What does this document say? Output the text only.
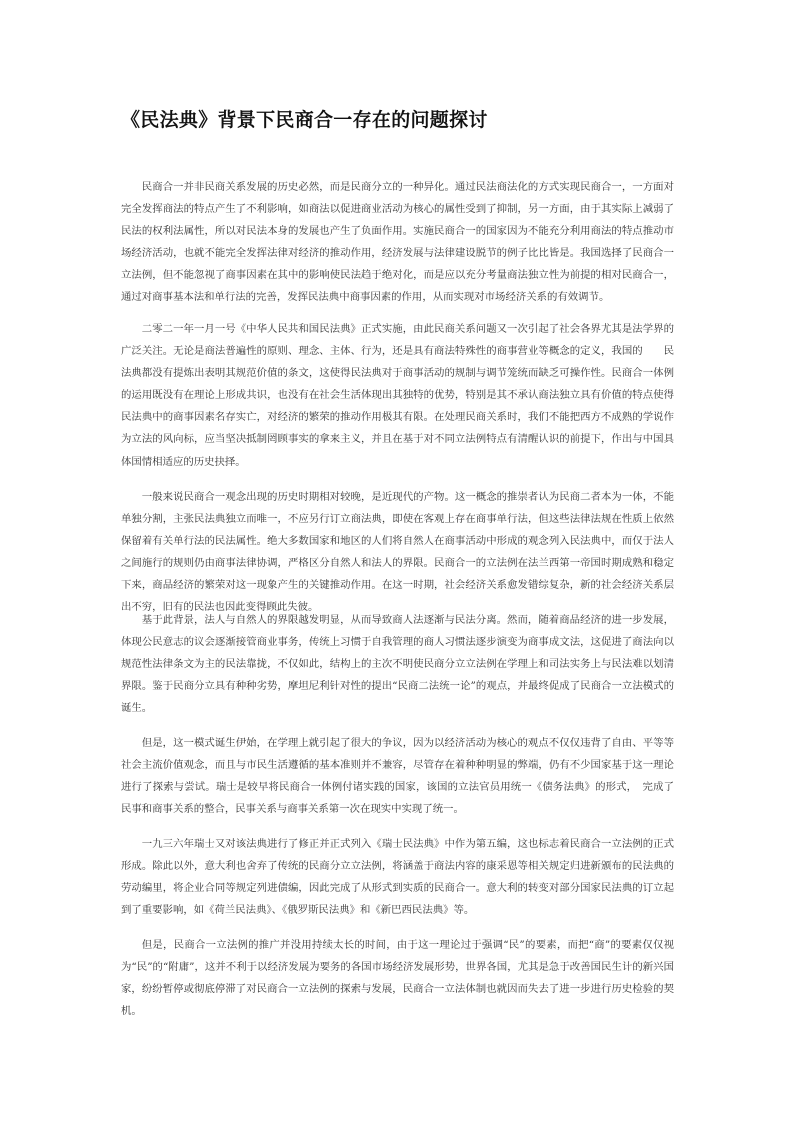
《民法典》背景下民商合一存在的问题探讨

民商合一并非民商关系发展的历史必然，而是民商分立的一种异化。通过民法商法化的方式实现民商合一，一方面对完全发挥商法的特点产生了不利影响，如商法以促进商业活动为核心的属性受到了抑制，另一方面，由于其实际上减弱了民法的权利法属性，所以对民法本身的发展也产生了负面作用。实施民商合一的国家因为不能充分利用商法的特点推动市场经济活动，也就不能完全发挥法律对经济的推动作用，经济发展与法律建设脱节的例子比比皆是。我国选择了民商合一立法例，但不能忽视了商事因素在其中的影响使民法趋于绝对化，而是应以充分考量商法独立性为前提的相对民商合一，通过对商事基本法和单行法的完善，发挥民法典中商事因素的作用，从而实现对市场经济关系的有效调节。

二零二一年一月一号《中华人民共和国民法典》正式实施，由此民商关系问题又一次引起了社会各界尤其是法学界的广泛关注。无论是商法普遍性的原则、理念、主体、行为，还是具有商法特殊性的商事营业等概念的定义，我国的　　民法典都没有提炼出表明其规范价值的条文，这使得民法典对于商事活动的规制与调节笼统而缺乏可操作性。民商合一体例的运用既没有在理论上形成共识，也没有在社会生活体现出其独特的优势，特别是其不承认商法独立具有价值的特点使得民法典中的商事因素名存实亡，对经济的繁荣的推动作用极其有限。在处理民商关系时，我们不能把西方不成熟的学说作为立法的风向标，应当坚决抵制罔顾事实的拿来主义，并且在基于对不同立法例特点有清醒认识的前提下，作出与中国具体国情相适应的历史抉择。

一般来说民商合一观念出现的历史时期相对较晚，是近现代的产物。这一概念的推崇者认为民商二者本为一体，不能单独分割，主张民法典独立而唯一，不应另行订立商法典，即使在客观上存在商事单行法，但这些法律法规在性质上依然保留着有关单行法的民法属性。绝大多数国家和地区的人们将自然人在商事活动中形成的观念列入民法典中，而仅于法人之间施行的规则仍由商事法律协调，严格区分自然人和法人的界限。民商合一的立法例在法兰西第一帝国时期成熟和稳定下来，商品经济的繁荣对这一现象产生的关键推动作用。在这一时期，社会经济关系愈发错综复杂，新的社会经济关系层出不穷，旧有的民法也因此变得顾此失彼。

基于此背景，法人与自然人的界限越发明显，从而导致商人法逐渐与民法分离。然而，随着商品经济的进一步发展，体现公民意志的议会逐渐接管商业事务，传统上习惯于自我管理的商人习惯法逐步演变为商事成文法，这促进了商法向以规范性法律条文为主的民法靠拢，不仅如此，结构上的主次不明使民商分立立法例在学理上和司法实务上与民法难以划清界限。鉴于民商分立具有种种劣势，摩坦尼利针对性的提出“民商二法统一论”的观点，并最终促成了民商合一立法模式的诞生。

但是，这一模式诞生伊始，在学理上就引起了很大的争议，因为以经济活动为核心的观点不仅仅违背了自由、平等等社会主流价值观念，而且与市民生活遵循的基本准则并不兼容，尽管存在着种种明显的弊端，仍有不少国家基于这一理论进行了探索与尝试。瑞士是较早将民商合一体例付诸实践的国家，该国的立法官员用统一《债务法典》的形式，　完成了民事和商事关系的整合，民事关系与商事关系第一次在现实中实现了统一。

一九三六年瑞士又对该法典进行了修正并正式列入《瑞士民法典》中作为第五编，这也标志着民商合一立法例的正式形成。除此以外，意大利也舍弃了传统的民商分立立法例，将涵盖于商法内容的康采恩等相关规定归进新颁布的民法典的劳动编里，将企业合同等规定列进债编，因此完成了从形式到实质的民商合一。意大利的转变对部分国家民法典的订立起到了重要影响，如《荷兰民法典》、《俄罗斯民法典》和《新巴西民法典》等。

但是，民商合一立法例的推广并没用持续太长的时间，由于这一理论过于强调“民”的要素，而把“商”的要素仅仅视　　为“民”的“附庸”，这并不利于以经济发展为要务的各国市场经济发展形势，世界各国，尤其是急于改善国民生计的新兴国家，纷纷暂停或彻底停滞了对民商合一立法例的探索与发展，民商合一立法体制也就因而失去了进一步进行历史检验的契机。
